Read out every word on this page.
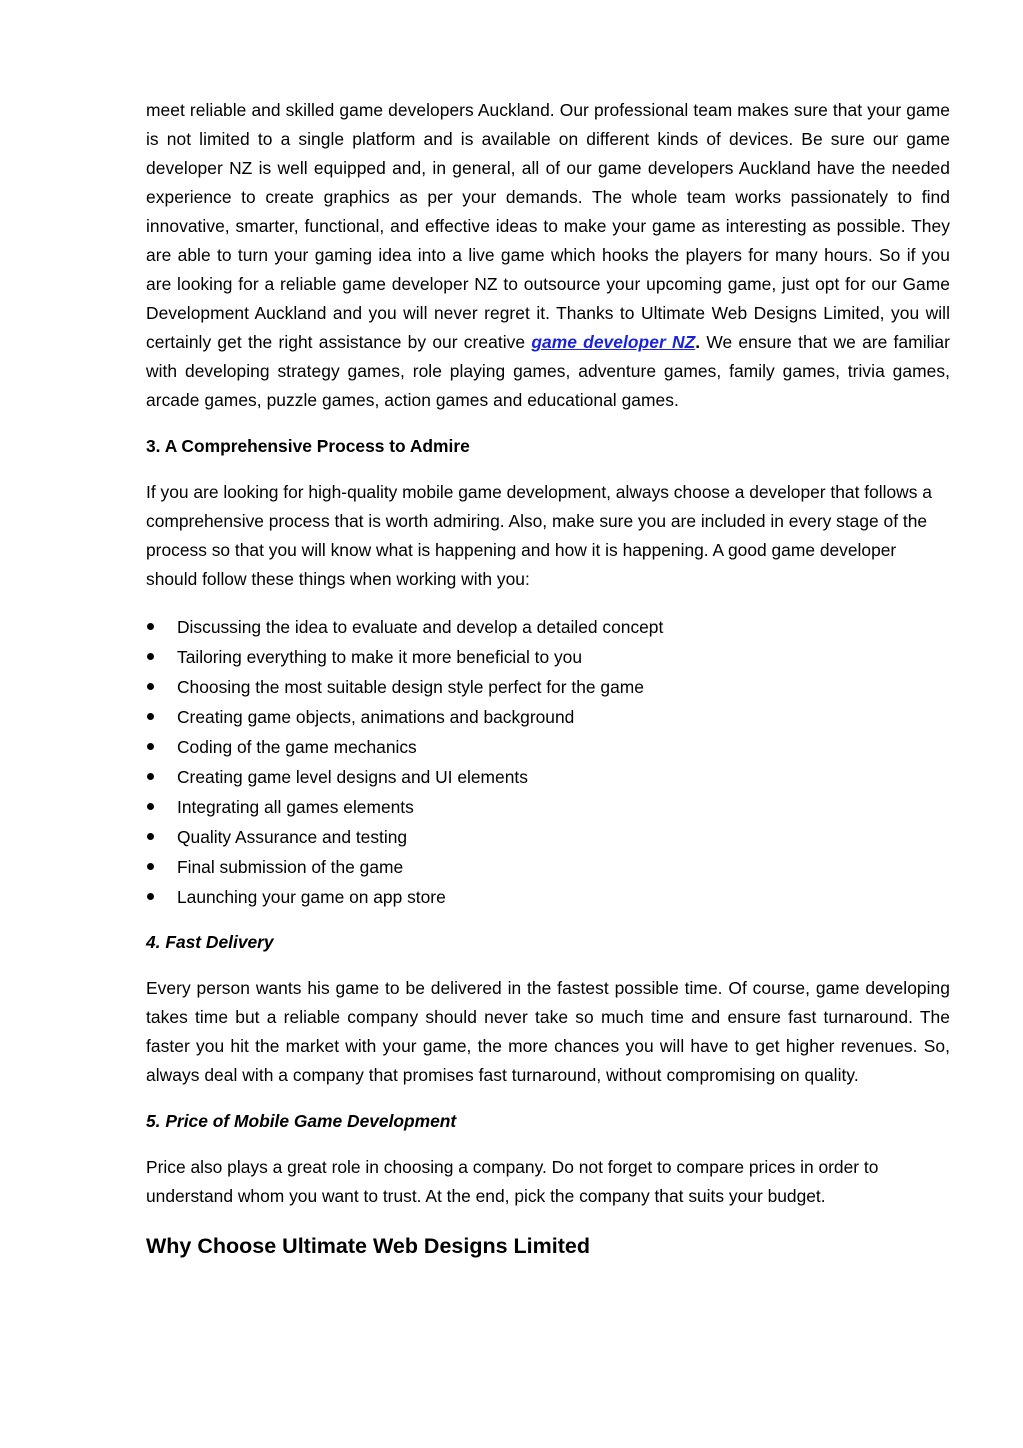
meet reliable and skilled game developers Auckland. Our professional team makes sure that your game is not limited to a single platform and is available on different kinds of devices. Be sure our game developer NZ is well equipped and, in general, all of our game developers Auckland have the needed experience to create graphics as per your demands. The whole team works passionately to find innovative, smarter, functional, and effective ideas to make your game as interesting as possible. They are able to turn your gaming idea into a live game which hooks the players for many hours. So if you are looking for a reliable game developer NZ to outsource your upcoming game, just opt for our Game Development Auckland and you will never regret it. Thanks to Ultimate Web Designs Limited, you will certainly get the right assistance by our creative game developer NZ. We ensure that we are familiar with developing strategy games, role playing games, adventure games, family games, trivia games, arcade games, puzzle games, action games and educational games.

3. A Comprehensive Process to Admire

If you are looking for high-quality mobile game development, always choose a developer that follows a comprehensive process that is worth admiring. Also, make sure you are included in every stage of the process so that you will know what is happening and how it is happening. A good game developer should follow these things when working with you:

Discussing the idea to evaluate and develop a detailed concept
Tailoring everything to make it more beneficial to you
Choosing the most suitable design style perfect for the game
Creating game objects, animations and background
Coding of the game mechanics
Creating game level designs and UI elements
Integrating all games elements
Quality Assurance and testing
Final submission of the game
Launching your game on app store
4. Fast Delivery

Every person wants his game to be delivered in the fastest possible time. Of course, game developing takes time but a reliable company should never take so much time and ensure fast turnaround. The faster you hit the market with your game, the more chances you will have to get higher revenues. So, always deal with a company that promises fast turnaround, without compromising on quality.

5. Price of Mobile Game Development

Price also plays a great role in choosing a company. Do not forget to compare prices in order to understand whom you want to trust. At the end, pick the company that suits your budget.

Why Choose Ultimate Web Designs Limited
